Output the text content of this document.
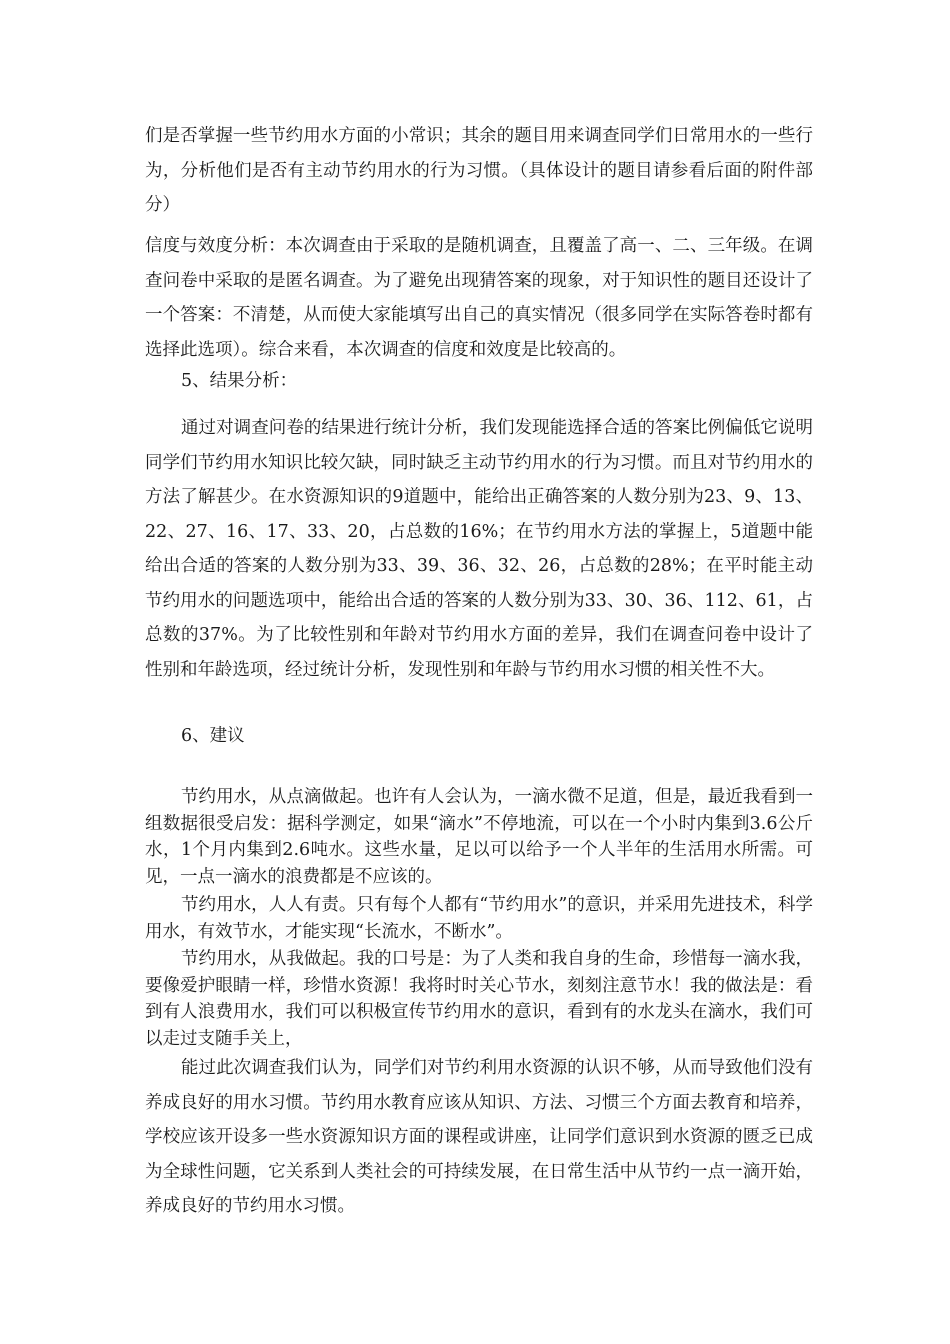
们是否掌握一些节约用水方面的小常识；其余的题目用来调查同学们日常用水的一些行为，分析他们是否有主动节约用水的行为习惯。（具体设计的题目请参看后面的附件部分）

信度与效度分析：本次调查由于采取的是随机调查，且覆盖了高一、二、三年级。在调查问卷中采取的是匿名调查。为了避免出现猜答案的现象，对于知识性的题目还设计了一个答案：不清楚，从而使大家能填写出自己的真实情况（很多同学在实际答卷时都有选择此选项）。综合来看，本次调查的信度和效度是比较高的。

5、结果分析：

通过对调查问卷的结果进行统计分析，我们发现能选择合适的答案比例偏低它说明同学们节约用水知识比较欠缺，同时缺乏主动节约用水的行为习惯。而且对节约用水的方法了解甚少。在水资源知识的9道题中，能给出正确答案的人数分别为23、9、13、22、27、16、17、33、20，占总数的16%；在节约用水方法的掌握上，5道题中能给出合适的答案的人数分别为33、39、36、32、26，占总数的28%；在平时能主动节约用水的问题选项中，能给出合适的答案的人数分别为33、30、36、112、61，占总数的37%。为了比较性别和年龄对节约用水方面的差异，我们在调查问卷中设计了性别和年龄选项，经过统计分析，发现性别和年龄与节约用水习惯的相关性不大。

6、建议

节约用水，从点滴做起。也许有人会认为，一滴水微不足道，但是，最近我看到一组数据很受启发：据科学测定，如果“滴水”不停地流，可以在一个小时内集到3.6公斤水，1个月内集到2.6吨水。这些水量，足以可以给予一个人半年的生活用水所需。可见，一点一滴水的浪费都是不应该的。

节约用水，人人有责。只有每个人都有“节约用水”的意识，并采用先进技术，科学用水，有效节水，才能实现“长流水，不断水”。

节约用水，从我做起。我的口号是：为了人类和我自身的生命，珍惜每一滴水我，要像爱护眼睛一样，珍惜水资源！我将时时关心节水，刻刻注意节水！我的做法是：看到有人浪费用水，我们可以积极宣传节约用水的意识，看到有的水龙头在滴水，我们可以走过支随手关上，

能过此次调查我们认为，同学们对节约利用水资源的认识不够，从而导致他们没有养成良好的用水习惯。节约用水教育应该从知识、方法、习惯三个方面去教育和培养，学校应该开设多一些水资源知识方面的课程或讲座，让同学们意识到水资源的匮乏已成为全球性问题，它关系到人类社会的可持续发展，在日常生活中从节约一点一滴开始，养成良好的节约用水习惯。
